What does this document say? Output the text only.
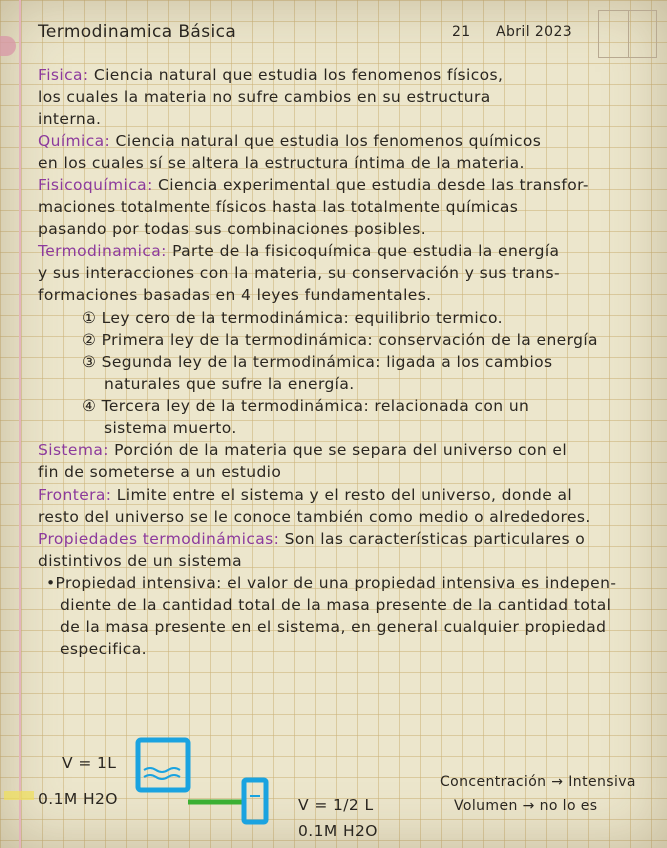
Termodinamica Básica	21 Abril 2023
Fisica: Ciencia natural que estudia los fenomenos físicos,
los cuales la materia no sufre cambios en su estructura
interna.
Química: Ciencia natural que estudia los fenomenos químicos
en los cuales sí se altera la estructura íntima de la materia.
Fisicoquímica: Ciencia experimental que estudia desde las transfor-
maciones totalmente físicos hasta las totalmente químicas
pasando por todas sus combinaciones posibles.
Termodinamica: Parte de la fisicoquímica que estudia la energía
y sus interacciones con la materia, su conservación y sus trans-
formaciones basadas en 4 leyes fundamentales.
① Ley cero de la termodinámica: equilibrio termico.
② Primera ley de la termodinámica: conservación de la energía
③ Segunda ley de la termodinámica: ligada a los cambios
naturales que sufre la energía.
④ Tercera ley de la termodinámica: relacionada con un
sistema muerto.
Sistema: Porción de la materia que se separa del universo con el
fin de someterse a un estudio
Frontera: Limite entre el sistema y el resto del universo, donde al
resto del universo se le conoce también como medio o alrededores.
Propiedades termodinámicas: Son las características particulares o
distintivos de un sistema
•Propiedad intensiva: el valor de una propiedad intensiva es indepen-
diente de la cantidad total de la masa presente de la cantidad total
de la masa presente en el sistema, en general cualquier propiedad
especifica.
V = 1L
0.1M H2O	V = 1/2 L
0.1M H2O
Concentración → Intensiva
Volumen → no lo es
